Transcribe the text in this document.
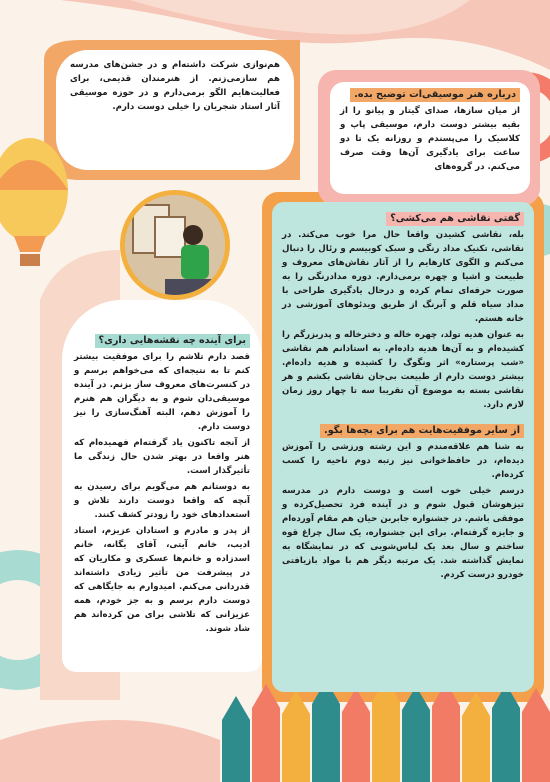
درباره هنر موسیقی‌ات توضیح بده.

از میان سازها، صدای گیتار و پیانو را از بقیه بیشتر دوست دارم، موسیقی پاپ و کلاسیک را می‌پسندم و روزانه یک تا دو ساعت برای یادگیری آن‌ها وقت صرف می‌کنم. در گروه‌های

هم‌نوازی شرکت داشته‌ام و در جشن‌های مدرسه هم سازمی‌زنم. از هنرمندان قدیمی، برای فعالیت‌هایم الگو برمی‌دارم و در حوزه موسیقی آثار استاد شجریان را خیلی دوست دارم.

گفتی نقاشی هم می‌کشی؟

بله، نقاشی کشیدن واقعا حال مرا خوب می‌کند. در نقاشی، تکنیک مداد رنگی و سبک کوبیسم و رئال را دنبال می‌کنم و الگوی کارهایم را از آثار نقاش‌های معروف و طبیعت و اشیا و چهره برمی‌دارم. دوره مدادرنگی را به صورت حرفه‌ای تمام کرده و درحال یادگیری طراحی با مداد سیاه قلم و آبرنگ از طریق ویدئوهای آموزشی در خانه هستم.

به عنوان هدیه تولد، چهره خاله و دخترخاله و پدربزرگم را کشیده‌ام و به آن‌ها هدیه داده‌ام. به استادانم هم نقاشی «شب پرستاره» اثر ونگوگ را کشیده و هدیه داده‌ام. بیشتر دوست دارم از طبیعت بی‌جان نقاشی بکشم و هر نقاشی بسته به موضوع آن تقریبا سه تا چهار روز زمان لازم دارد.

از سایر موفقیت‌هایت هم برای بچه‌ها بگو.

به شنا هم علاقه‌مندم و این رشته ورزشی را آموزش دیده‌ام، در حافظ‌خوانی نیز رتبه دوم ناحیه را کسب کرده‌ام.

درسم خیلی خوب است و دوست دارم در مدرسه تیزهوشان قبول شوم و در آینده فرد تحصیل‌کرده و موفقی باشم. در جشنواره جابربن حیان هم مقام آورده‌ام و جایزه گرفته‌ام. برای این جشنواره، یک سال چراغ قوه ساختم و سال بعد یک لباس‌شویی که در نمایشگاه به نمایش گذاشته شد. یک مرتبه دیگر هم با مواد بازیافتی خودرو درست کردم.

برای آینده چه نقشه‌هایی داری؟

قصد دارم تلاشم را برای موفقیت بیشتر کنم تا به نتیجه‌ای که می‌خواهم برسم و در کنسرت‌های معروف ساز بزنم. در آینده موسیقی‌دان شوم و به دیگران هم هنرم را آموزش دهم، البته آهنگ‌سازی را نیز دوست دارم.

از آنجه تاکنون یاد گرفته‌ام فهمیده‌ام که هنر واقعا در بهتر شدن حال زندگی ما تأثیرگذار است.

به دوستانم هم می‌گویم برای رسیدن به آنچه که واقعا دوست دارند تلاش و استعدادهای خود را زودتر کشف کنند.

از پدر و مادرم و استادان عزیزم، استاد ادیب، خانم آیتی، آقای یگانه، خانم اسدزاده و خانم‌ها عسکری و مکاریان که در پیشرفت من تأثیر زیادی داشته‌اند قدردانی می‌کنم. امیدوارم به جایگاهی که دوست دارم برسم و به جز خودم، همه عزیزانی که تلاشی برای من کرده‌اند هم شاد شوند.
